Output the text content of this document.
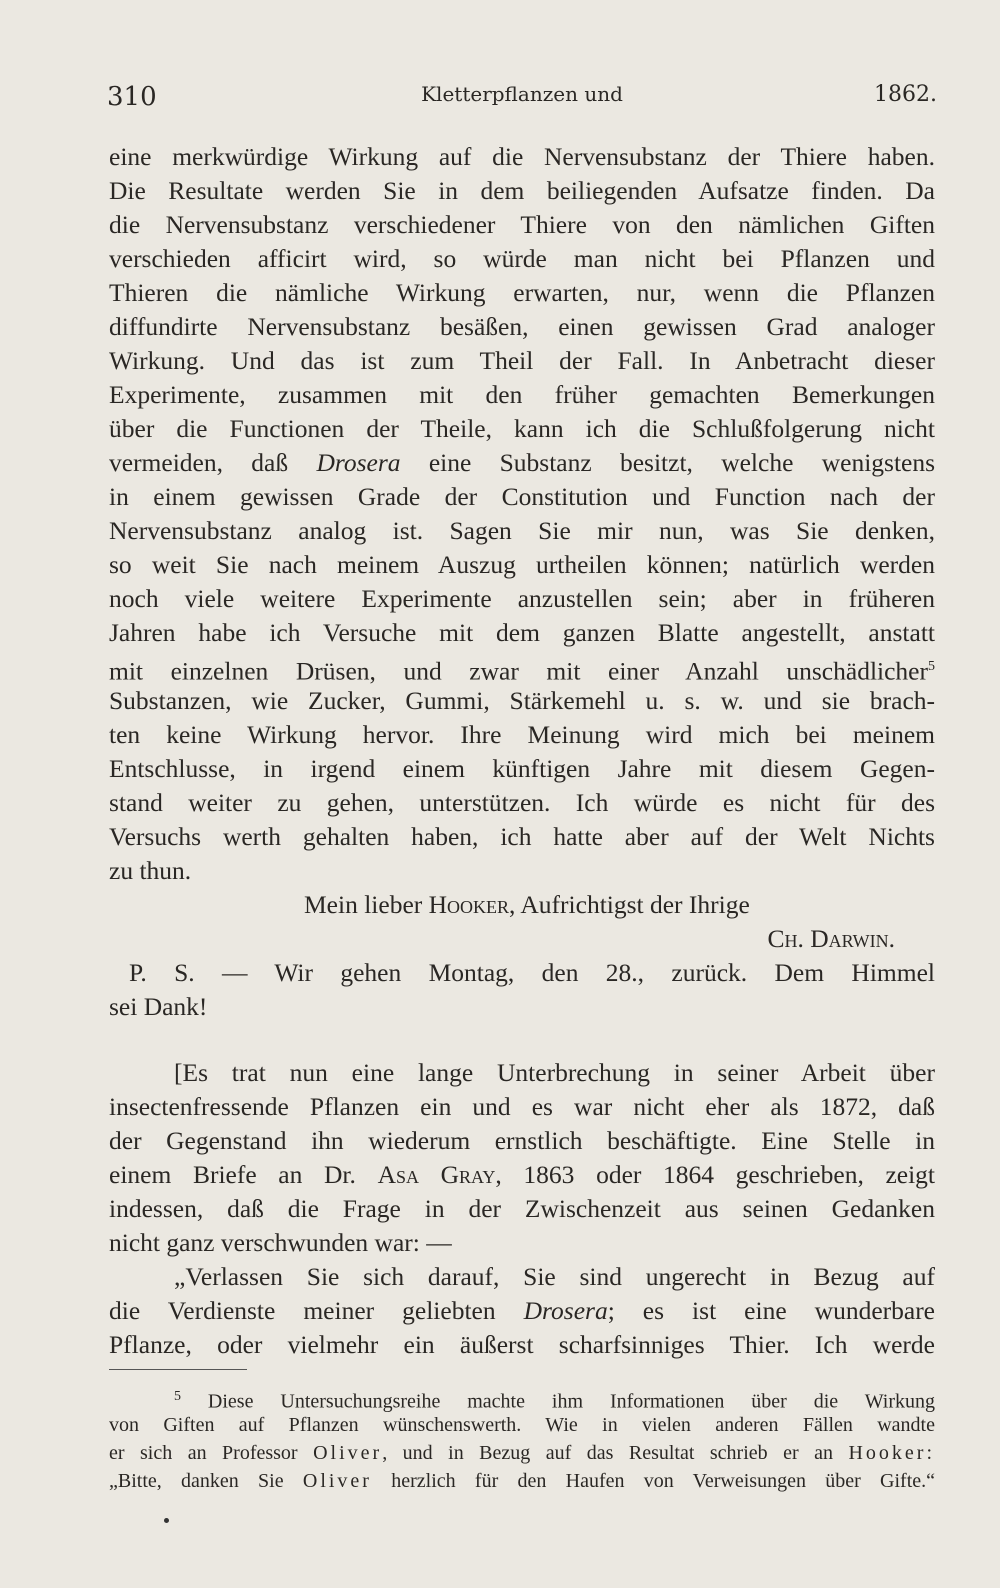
310	Kletterpflanzen und	1862.
eine merkwürdige Wirkung auf die Nervensubstanz der Thiere haben.
Die Resultate werden Sie in dem beiliegenden Aufsatze finden. Da
die Nervensubstanz verschiedener Thiere von den nämlichen Giften
verschieden afficirt wird, so würde man nicht bei Pflanzen und
Thieren die nämliche Wirkung erwarten, nur, wenn die Pflanzen
diffundirte Nervensubstanz besäßen, einen gewissen Grad analoger
Wirkung. Und das ist zum Theil der Fall. In Anbetracht dieser
Experimente, zusammen mit den früher gemachten Bemerkungen
über die Functionen der Theile, kann ich die Schlußfolgerung nicht
vermeiden, daß Drosera eine Substanz besitzt, welche wenigstens
in einem gewissen Grade der Constitution und Function nach der
Nervensubstanz analog ist. Sagen Sie mir nun, was Sie denken,
so weit Sie nach meinem Auszug urtheilen können; natürlich werden
noch viele weitere Experimente anzustellen sein; aber in früheren
Jahren habe ich Versuche mit dem ganzen Blatte angestellt, anstatt
mit einzelnen Drüsen, und zwar mit einer Anzahl unschädlicher$^5$
Substanzen, wie Zucker, Gummi, Stärkemehl u. s. w. und sie brach-
ten keine Wirkung hervor. Ihre Meinung wird mich bei meinem
Entschlusse, in irgend einem künftigen Jahre mit diesem Gegen-
stand weiter zu gehen, unterstützen. Ich würde es nicht für des
Versuchs werth gehalten haben, ich hatte aber auf der Welt Nichts
zu thun.
Mein lieber Hooker, Aufrichtigst der Ihrige
Ch. Darwin.
P. S. — Wir gehen Montag, den 28., zurück. Dem Himmel
sei Dank!
[Es trat nun eine lange Unterbrechung in seiner Arbeit über
insectenfressende Pflanzen ein und es war nicht eher als 1872, daß
der Gegenstand ihn wiederum ernstlich beschäftigte. Eine Stelle in
einem Briefe an Dr. Asa Gray, 1863 oder 1864 geschrieben, zeigt
indessen, daß die Frage in der Zwischenzeit aus seinen Gedanken
nicht ganz verschwunden war: —
„Verlassen Sie sich darauf, Sie sind ungerecht in Bezug auf
die Verdienste meiner geliebten Drosera; es ist eine wunderbare
Pflanze, oder vielmehr ein äußerst scharfsinniges Thier. Ich werde
$^5$ Diese Untersuchungsreihe machte ihm Informationen über die Wirkung
von Giften auf Pflanzen wünschenswerth. Wie in vielen anderen Fällen wandte
er sich an Professor Oliver, und in Bezug auf das Resultat schrieb er an Hooker:
„Bitte, danken Sie Oliver herzlich für den Haufen von Verweisungen über Gifte.“
